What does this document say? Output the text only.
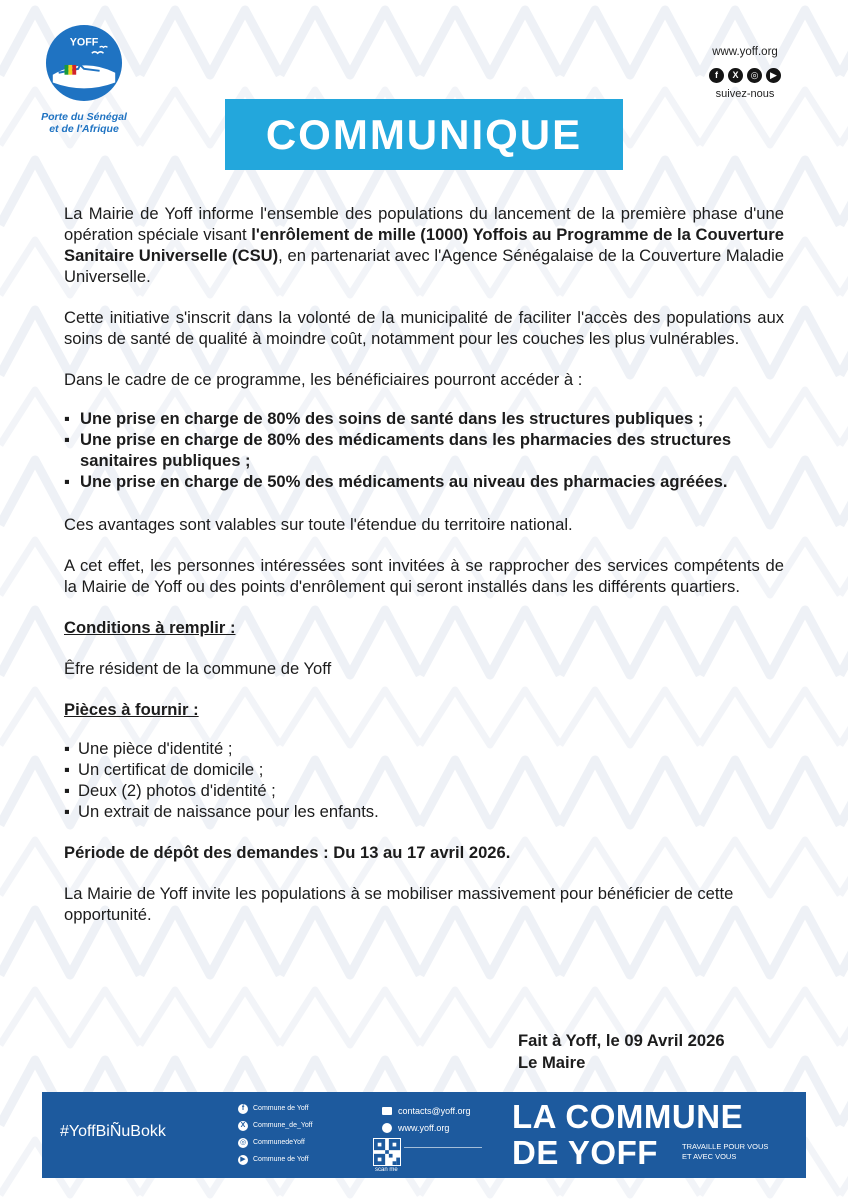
YOFF
Porte du Sénégal
et de l'Afrique
www.yoff.org
f	X	◎	▶
suivez-nous
COMMUNIQUE

La Mairie de Yoff informe l'ensemble des populations du lancement de la première phase d'une opération spéciale visant l'enrôlement de mille (1000) Yoffois au Programme de la Couverture Sanitaire Universelle (CSU), en partenariat avec l'Agence Sénégalaise de la Couverture Maladie Universelle.

Cette initiative s'inscrit dans la volonté de la municipalité de faciliter l'accès des populations aux soins de santé de qualité à moindre coût, notamment pour les couches les plus vulnérables.

Dans le cadre de ce programme, les bénéficiaires pourront accéder à :

▪ Une prise en charge de 80% des soins de santé dans les structures publiques ;
▪ Une prise en charge de 80% des médicaments dans les pharmacies des structures sanitaires publiques ;
▪ Une prise en charge de 50% des médicaments au niveau des pharmacies agréées.

Ces avantages sont valables sur toute l'étendue du territoire national.

A cet effet, les personnes intéressées sont invitées à se rapprocher des services compétents de la Mairie de Yoff ou des points d'enrôlement qui seront installés dans les différents quartiers.

Conditions à remplir :

Êfre résident de la commune de Yoff

Pièces à fournir :

▪ Une pièce d'identité ;
▪ Un certificat de domicile ;
▪ Deux (2) photos d'identité ;
▪ Un extrait de naissance pour les enfants.

Période de dépôt des demandes : Du 13 au 17 avril 2026.

La Mairie de Yoff invite les populations à se mobiliser massivement pour bénéficier de cette opportunité.

Fait à Yoff, le 09 Avril 2026
Le Maire
#YoffBiÑuBokk
f	Commune de Yoff
X	Commune_de_Yoff
◎ CommunedeYoff
▶	Commune de Yoff
contacts@yoff.org
www.yoff.org
scan me
LA COMMUNE
DE YOFF	TRAVAILLE POUR VOUS
ET AVEC VOUS
